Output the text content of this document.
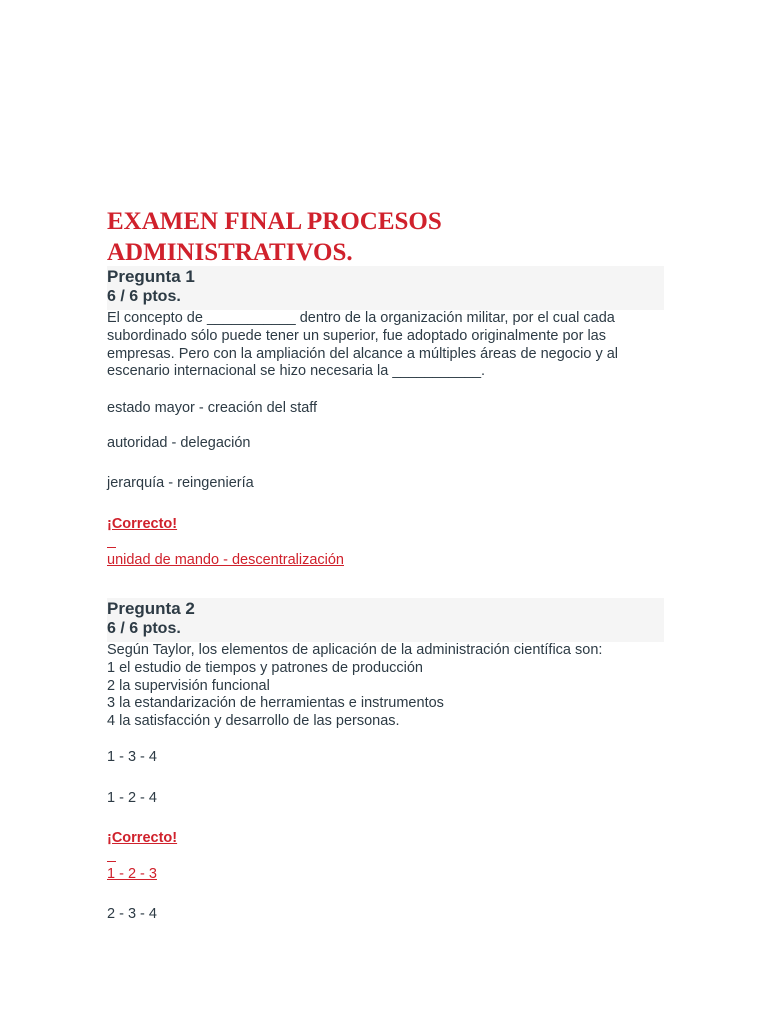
EXAMEN FINAL PROCESOS ADMINISTRATIVOS.
Pregunta 1
6 / 6 ptos.

El concepto de ___________ dentro de la organización militar, por el cual cada
subordinado sólo puede tener un superior, fue adoptado originalmente por las
empresas. Pero con la ampliación del alcance a múltiples áreas de negocio y al
escenario internacional se hizo necesaria la ___________.

estado mayor - creación del staff
autoridad - delegación
jerarquía - reingeniería
¡Correcto!
unidad de mando - descentralización
Pregunta 2
6 / 6 ptos.

Según Taylor, los elementos de aplicación de la administración científica son:
1 el estudio de tiempos y patrones de producción
2 la supervisión funcional
3 la estandarización de herramientas e instrumentos
4 la satisfacción y desarrollo de las personas.

1 - 3 - 4
1 - 2 - 4
¡Correcto!
1 - 2 - 3
2 - 3 - 4
